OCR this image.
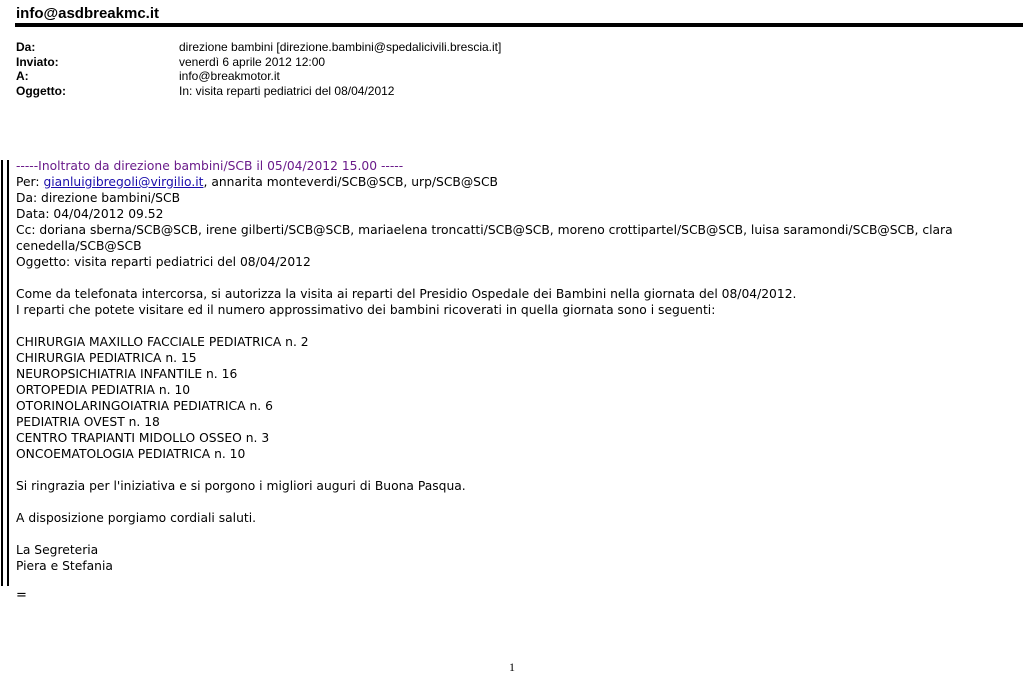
info@asdbreakmc.it
Da:	direzione bambini [direzione.bambini@spedalicivili.brescia.it]
Inviato:	venerdì 6 aprile 2012 12:00
A:	info@breakmotor.it
Oggetto:	In: visita reparti pediatrici del 08/04/2012
-----Inoltrato da direzione bambini/SCB il 05/04/2012 15.00 -----
Per: gianluigibregoli@virgilio.it, annarita monteverdi/SCB@SCB, urp/SCB@SCB
Da: direzione bambini/SCB
Data: 04/04/2012 09.52
Cc: doriana sberna/SCB@SCB, irene gilberti/SCB@SCB, mariaelena troncatti/SCB@SCB, moreno crottipartel/SCB@SCB, luisa saramondi/SCB@SCB, clara cenedella/SCB@SCB
Oggetto: visita reparti pediatrici del 08/04/2012
Come da telefonata intercorsa, si autorizza la visita ai reparti del Presidio Ospedale dei Bambini nella giornata del 08/04/2012.
I reparti che potete visitare ed il numero approssimativo dei bambini ricoverati in quella giornata sono i seguenti:
CHIRURGIA MAXILLO FACCIALE PEDIATRICA n. 2
CHIRURGIA PEDIATRICA n. 15
NEUROPSICHIATRIA INFANTILE n. 16
ORTOPEDIA PEDIATRIA n. 10
OTORINOLARINGOIATRIA PEDIATRICA n. 6
PEDIATRIA OVEST n. 18
CENTRO TRAPIANTI MIDOLLO OSSEO n. 3
ONCOEMATOLOGIA PEDIATRICA n. 10
Si ringrazia per l'iniziativa e si porgono i migliori auguri di Buona Pasqua.
A disposizione porgiamo cordiali saluti.
La Segreteria
Piera e Stefania
=
1
